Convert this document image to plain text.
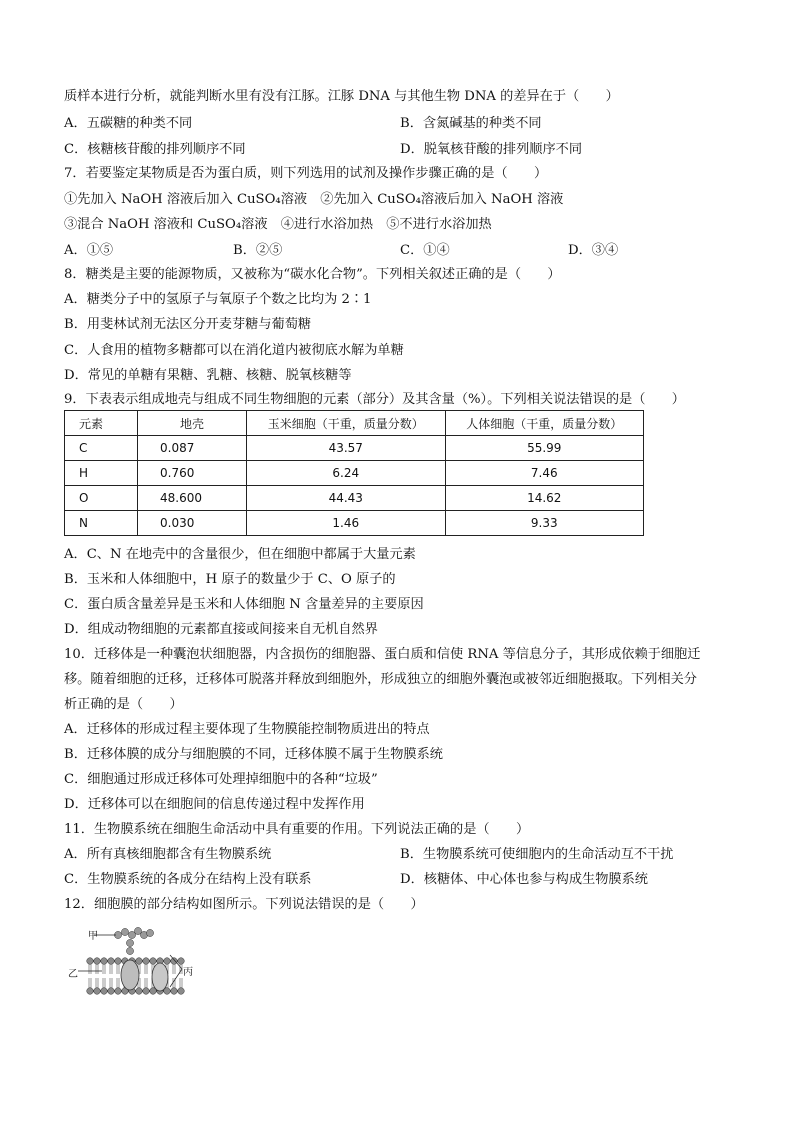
质样本进行分析，就能判断水里有没有江豚。江豚 DNA 与其他生物 DNA 的差异在于（　　）
A．五碳糖的种类不同	B．含氮碱基的种类不同
C．核糖核苷酸的排列顺序不同	D．脱氧核苷酸的排列顺序不同
7．若要鉴定某物质是否为蛋白质，则下列选用的试剂及操作步骤正确的是（　　）
①先加入 NaOH 溶液后加入 CuSO₄溶液　②先加入 CuSO₄溶液后加入 NaOH 溶液
③混合 NaOH 溶液和 CuSO₄溶液　④进行水浴加热　⑤不进行水浴加热
A．①⑤	B．②⑤	C．①④	D．③④
8．糖类是主要的能源物质，又被称为“碳水化合物”。下列相关叙述正确的是（　　）
A．糖类分子中的氢原子与氧原子个数之比均为 2∶1
B．用斐林试剂无法区分开麦芽糖与葡萄糖
C．人食用的植物多糖都可以在消化道内被彻底水解为单糖
D．常见的单糖有果糖、乳糖、核糖、脱氧核糖等
9．下表表示组成地壳与组成不同生物细胞的元素（部分）及其含量（%）。下列相关说法错误的是（　　）
元素	地壳	玉米细胞（干重，质量分数）	人体细胞（干重，质量分数）
C	0.087	43.57	55.99
H	0.760	6.24	7.46
O	48.600	44.43	14.62
N	0.030	1.46	9.33
A．C、N 在地壳中的含量很少，但在细胞中都属于大量元素
B．玉米和人体细胞中，H 原子的数量少于 C、O 原子的
C．蛋白质含量差异是玉米和人体细胞 N 含量差异的主要原因
D．组成动物细胞的元素都直接或间接来自无机自然界
10．迁移体是一种囊泡状细胞器，内含损伤的细胞器、蛋白质和信使 RNA 等信息分子，其形成依赖于细胞迁
移。随着细胞的迁移，迁移体可脱落并释放到细胞外，形成独立的细胞外囊泡或被邻近细胞摄取。下列相关分
析正确的是（　　）
A．迁移体的形成过程主要体现了生物膜能控制物质进出的特点
B．迁移体膜的成分与细胞膜的不同，迁移体膜不属于生物膜系统
C．细胞通过形成迁移体可处理掉细胞中的各种“垃圾”
D．迁移体可以在细胞间的信息传递过程中发挥作用
11．生物膜系统在细胞生命活动中具有重要的作用。下列说法正确的是（　　）
A．所有真核细胞都含有生物膜系统	B．生物膜系统可使细胞内的生命活动互不干扰
C．生物膜系统的各成分在结构上没有联系	D．核糖体、中心体也参与构成生物膜系统
12．细胞膜的部分结构如图所示。下列说法错误的是（　　）
甲
乙	丙
